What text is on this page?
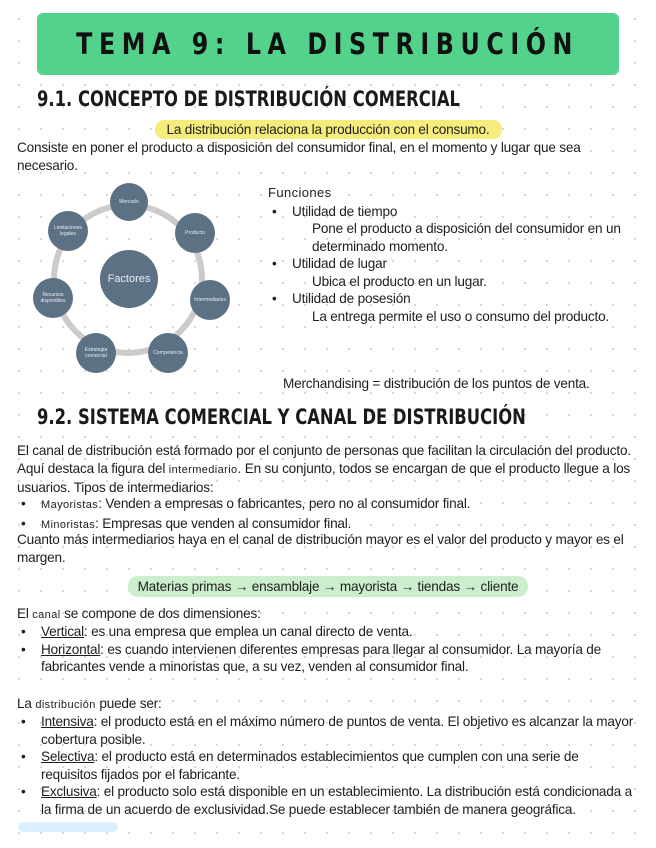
TEMA 9: LA DISTRIBUCIÓN
9.1. CONCEPTO DE DISTRIBUCIÓN COMERCIAL
La distribución relaciona la producción con el consumo.
Consiste en poner el producto a disposición del consumidor final, en el momento y lugar que sea necesario.
Factores
Mercado
Producto
Intermediarios
Competencia
Estrategia comercial
Recursos disponibles
Limitaciones legales
Funciones
• Utilidad de tiempo
Pone el producto a disposición del consumidor en un determinado momento.
• Utilidad de lugar
Ubica el producto en un lugar.
• Utilidad de posesión
La entrega permite el uso o consumo del producto.
Merchandising = distribución de los puntos de venta.
9.2. SISTEMA COMERCIAL Y CANAL DE DISTRIBUCIÓN
El canal de distribución está formado por el conjunto de personas que facilitan la circulación del producto. Aquí destaca la figura del intermediario. En su conjunto, todos se encargan de que el producto llegue a los usuarios. Tipos de intermediarios:
• Mayoristas: Venden a empresas o fabricantes, pero no al consumidor final.
• Minoristas: Empresas que venden al consumidor final.
Cuanto más intermediarios haya en el canal de distribución mayor es el valor del producto y mayor es el margen.
Materias primas → ensamblaje → mayorista → tiendas → cliente
El canal se compone de dos dimensiones:
• Vertical: es una empresa que emplea un canal directo de venta.
• Horizontal: es cuando intervienen diferentes empresas para llegar al consumidor. La mayoría de fabricantes vende a minoristas que, a su vez, venden al consumidor final.
La distribución puede ser:
• Intensiva: el producto está en el máximo número de puntos de venta. El objetivo es alcanzar la mayor cobertura posible.
• Selectiva: el producto está en determinados establecimientos que cumplen con una serie de requisitos fijados por el fabricante.
• Exclusiva: el producto solo está disponible en un establecimiento. La distribución está condicionada a la firma de un acuerdo de exclusividad.Se puede establecer también de manera geográfica.
